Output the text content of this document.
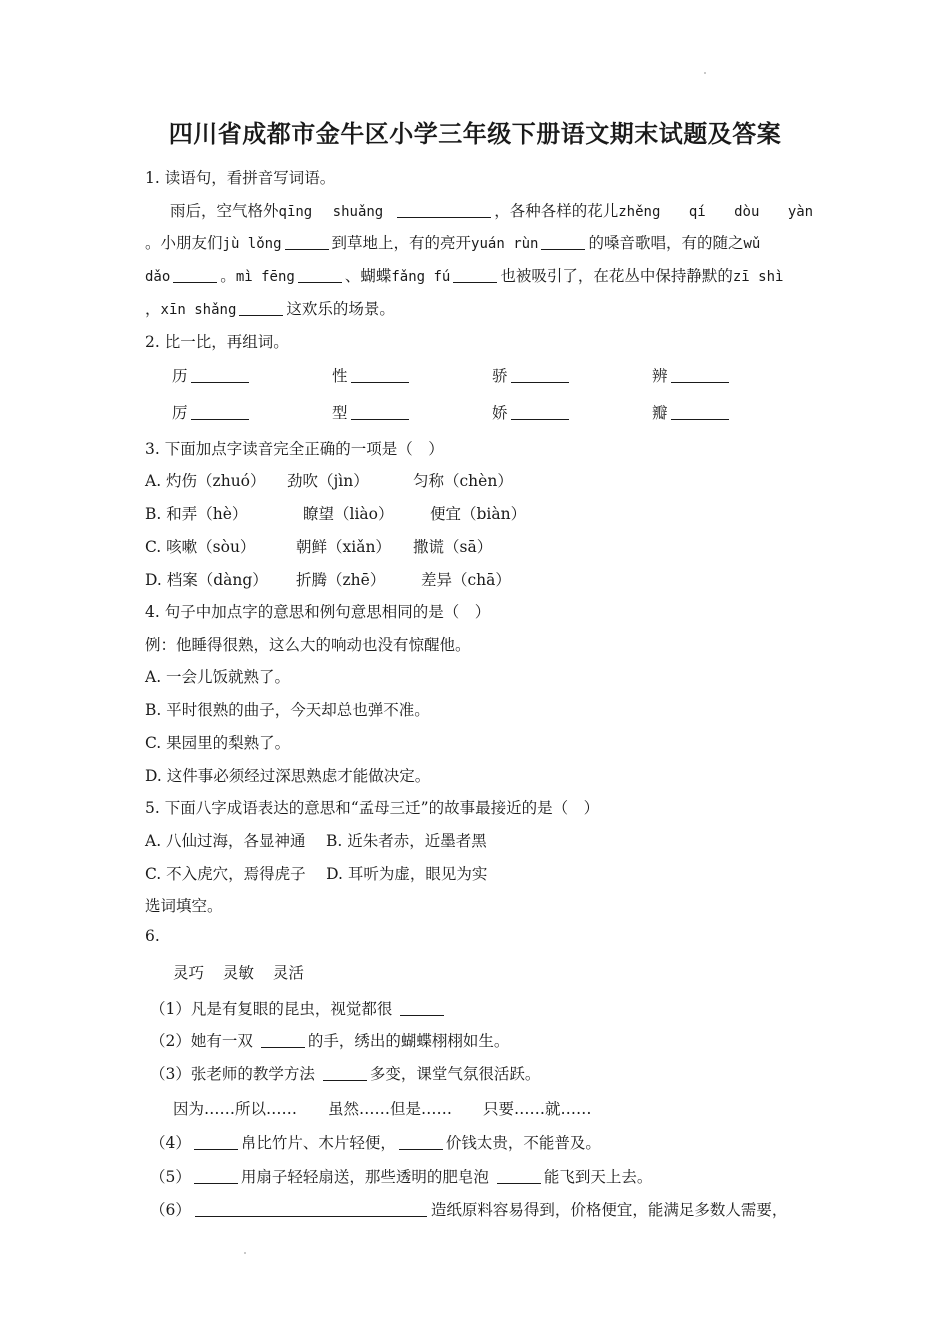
四川省成都市金牛区小学三年级下册语文期末试题及答案
1. 读语句，看拼音写词语。
雨后，空气格外qīng shuǎng	，各种各样的花儿zhěng qí dòu yàn
。小朋友们jù lǒng	到草地上，有的亮开yuán rùn	的嗓音歌唱，有的随之wǔ
dǎo	。mì fēng	、蝴蝶fǎng fú	也被吸引了，在花丛中保持静默的zī shì
，xīn shǎng	这欢乐的场景。
2. 比一比，再组词。
历	性	骄	辨
厉	型	娇	瓣
3. 下面加点字读音完全正确的一项是（　）
A. 灼伤（zhuó） 劲吹（jìn）	匀称（chèn）
B. 和弄（hè）	瞭望（liào） 便宜（biàn）
C. 咳嗽（sòu）	朝鲜（xiǎn） 撒谎（sā）
D. 档案（dàng） 折腾（zhē） 差异（chā）
4. 句子中加点字的意思和例句意思相同的是（　）
例：他睡得很熟，这么大的响动也没有惊醒他。
A. 一会儿饭就熟了。
B. 平时很熟的曲子，今天却总也弹不准。
C. 果园里的梨熟了。
D. 这件事必须经过深思熟虑才能做决定。
5. 下面八字成语表达的意思和“孟母三迁”的故事最接近的是（　）
A. 八仙过海，各显神通　 B. 近朱者赤，近墨者黑
C. 不入虎穴，焉得虎子　 D. 耳听为虚，眼见为实
选词填空。
6.
灵巧 灵敏 灵活
（1）凡是有复眼的昆虫，视觉都很
（2）她有一双	的手，绣出的蝴蝶栩栩如生。
（3）张老师的教学方法	多变，课堂气氛很活跃。
因为……所以……　　虽然……但是……　　只要……就……
（4）	帛比竹片、木片轻便，	价钱太贵，不能普及。
（5）	用扇子轻轻扇送，那些透明的肥皂泡	能飞到天上去。
（6）	造纸原料容易得到，价格便宜，能满足多数人需要，
